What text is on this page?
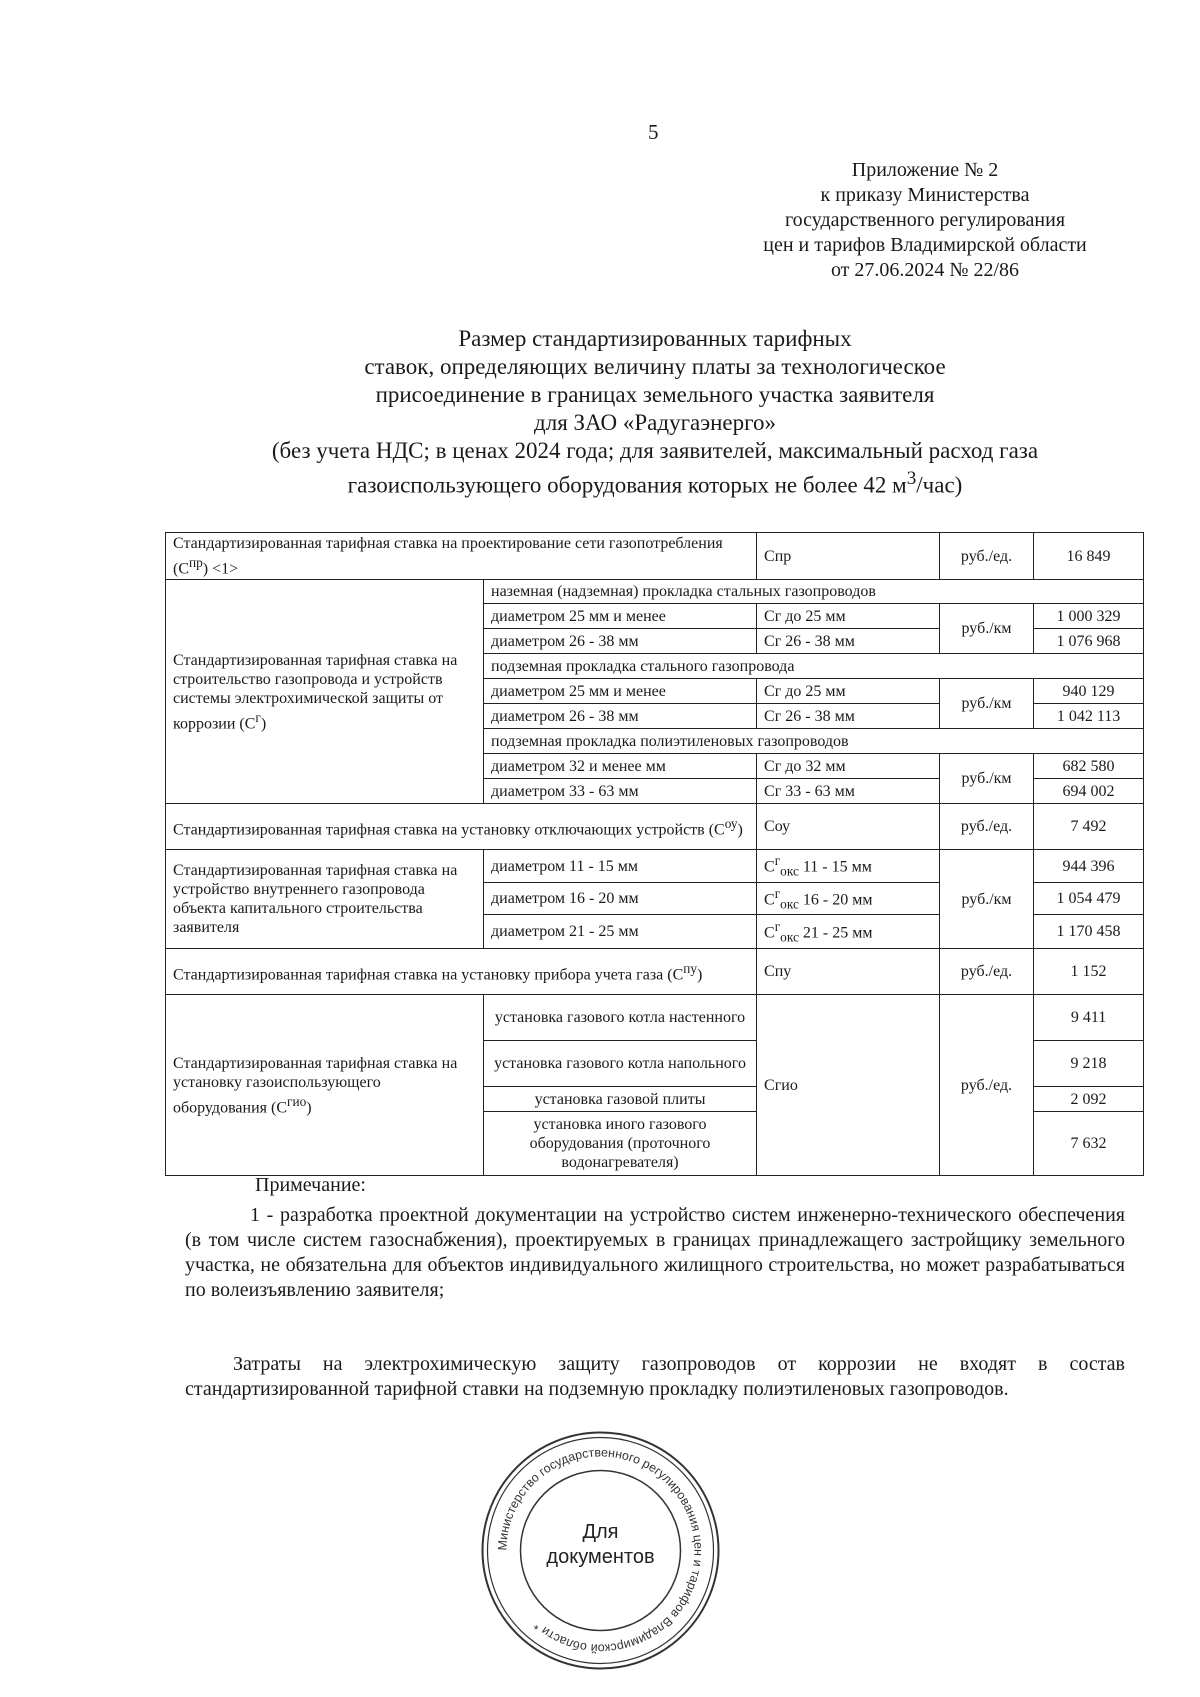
5
Приложение № 2
к приказу Министерства
государственного регулирования
цен и тарифов Владимирской области
от 27.06.2024 № 22/86
Размер стандартизированных тарифных
ставок, определяющих величину платы за технологическое
присоединение в границах земельного участка заявителя
для ЗАО «Радугаэнерго»
(без учета НДС; в ценах 2024 года; для заявителей, максимальный расход газа
газоиспользующего оборудования которых не более 42 $м^3/час$)
Стандартизированная тарифная ставка на проектирование сети газопотребления $(С^{пр}) <1>$		Спр	руб./ед.	16 849
Стандартизированная тарифная ставка на строительство газопровода и устройств системы электрохимической защиты от коррозии $(С^г)$	наземная (надземная) прокладка стальных газопроводов			
	диаметром 25 мм и менее	Сг до 25 мм	руб./км	1 000 329
	диаметром 26 - 38 мм	Сг 26 - 38 мм		1 076 968
	подземная прокладка стального газопровода			
	диаметром 25 мм и менее	Сг до 25 мм	руб./км	940 129
	диаметром 26 - 38 мм	Сг 26 - 38 мм		1 042 113
	подземная прокладка полиэтиленовых газопроводов			
	диаметром 32 и менее мм	Сг до 32 мм	руб./км	682 580
	диаметром 33 - 63 мм	Сг 33 - 63 мм		694 002
Стандартизированная тарифная ставка на установку отключающих устройств $(С^{оу})$		Соу	руб./ед.	7 492
Стандартизированная тарифная ставка на устройство внутреннего газопровода объекта капитального строительства заявителя	диаметром 11 - 15 мм	$С^г_{окс}$ 11 - 15 мм	руб./км	944 396
	диаметром 16 - 20 мм	$С^г_{окс}$ 16 - 20 мм		1 054 479
	диаметром 21 - 25 мм	$С^г_{окс}$ 21 - 25 мм		1 170 458
Стандартизированная тарифная ставка на установку прибора учета газа $(С^{пу})$		Спу	руб./ед.	1 152
Стандартизированная тарифная ставка на установку газоиспользующего оборудования $(С^{гио})$	установка газового котла настенного	Сгио	руб./ед.	9 411
	установка газового котла напольного			9 218
	установка газовой плиты			2 092
	установка иного газового оборудования (проточного водонагревателя)			7 632
Примечание:
1 - разработка проектной документации на устройство систем инженерно-технического обеспечения (в том числе систем газоснабжения), проектируемых в границах принадлежащего застройщику земельного участка, не обязательна для объектов индивидуального жилищного строительства, но может разрабатываться по волеизъявлению заявителя;
Затраты на электрохимическую защиту газопроводов от коррозии не входят в состав стандартизированной тарифной ставки на подземную прокладку полиэтиленовых газопроводов.
Министерство государственного регулирования цен и тарифов Владимирской области *
Для
документов
